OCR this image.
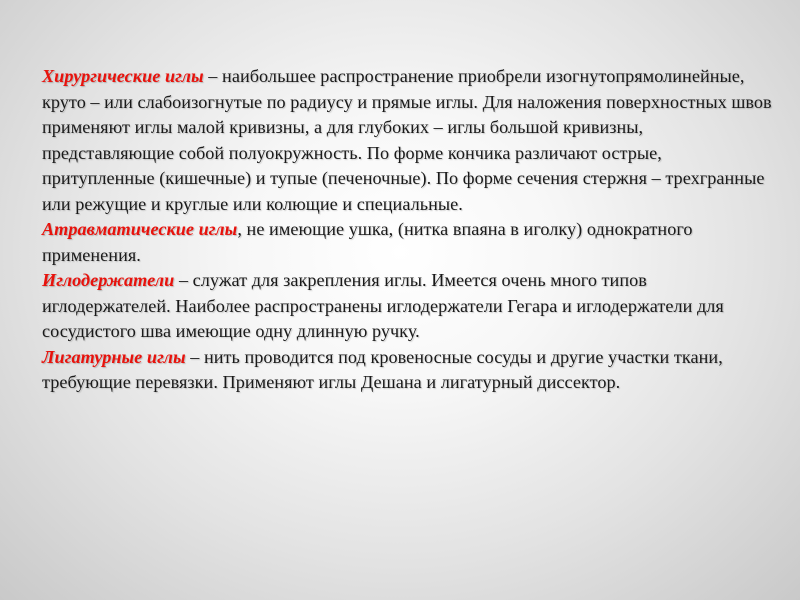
Хирургические иглы – наибольшее распространение приобрели изогнутопрямолинейные, круто – или слабоизогнутые по радиусу и прямые иглы. Для наложения поверхностных швов применяют иглы малой кривизны, а для глубоких – иглы большой кривизны, представляющие собой полуокружность. По форме кончика различают острые, притупленные (кишечные) и тупые (печеночные). По форме сечения стержня – трехгранные или режущие и круглые или колющие и специальные.

Атравматические иглы, не имеющие ушка, (нитка впаяна в иголку) однократного применения.

Иглодержатели – служат для закрепления иглы. Имеется очень много типов иглодержателей. Наиболее распространены иглодержатели Гегара и иглодержатели для сосудистого шва имеющие одну длинную ручку.

Лигатурные иглы – нить проводится под кровеносные сосуды и другие участки ткани, требующие перевязки. Применяют иглы Дешана и лигатурный диссектор.
